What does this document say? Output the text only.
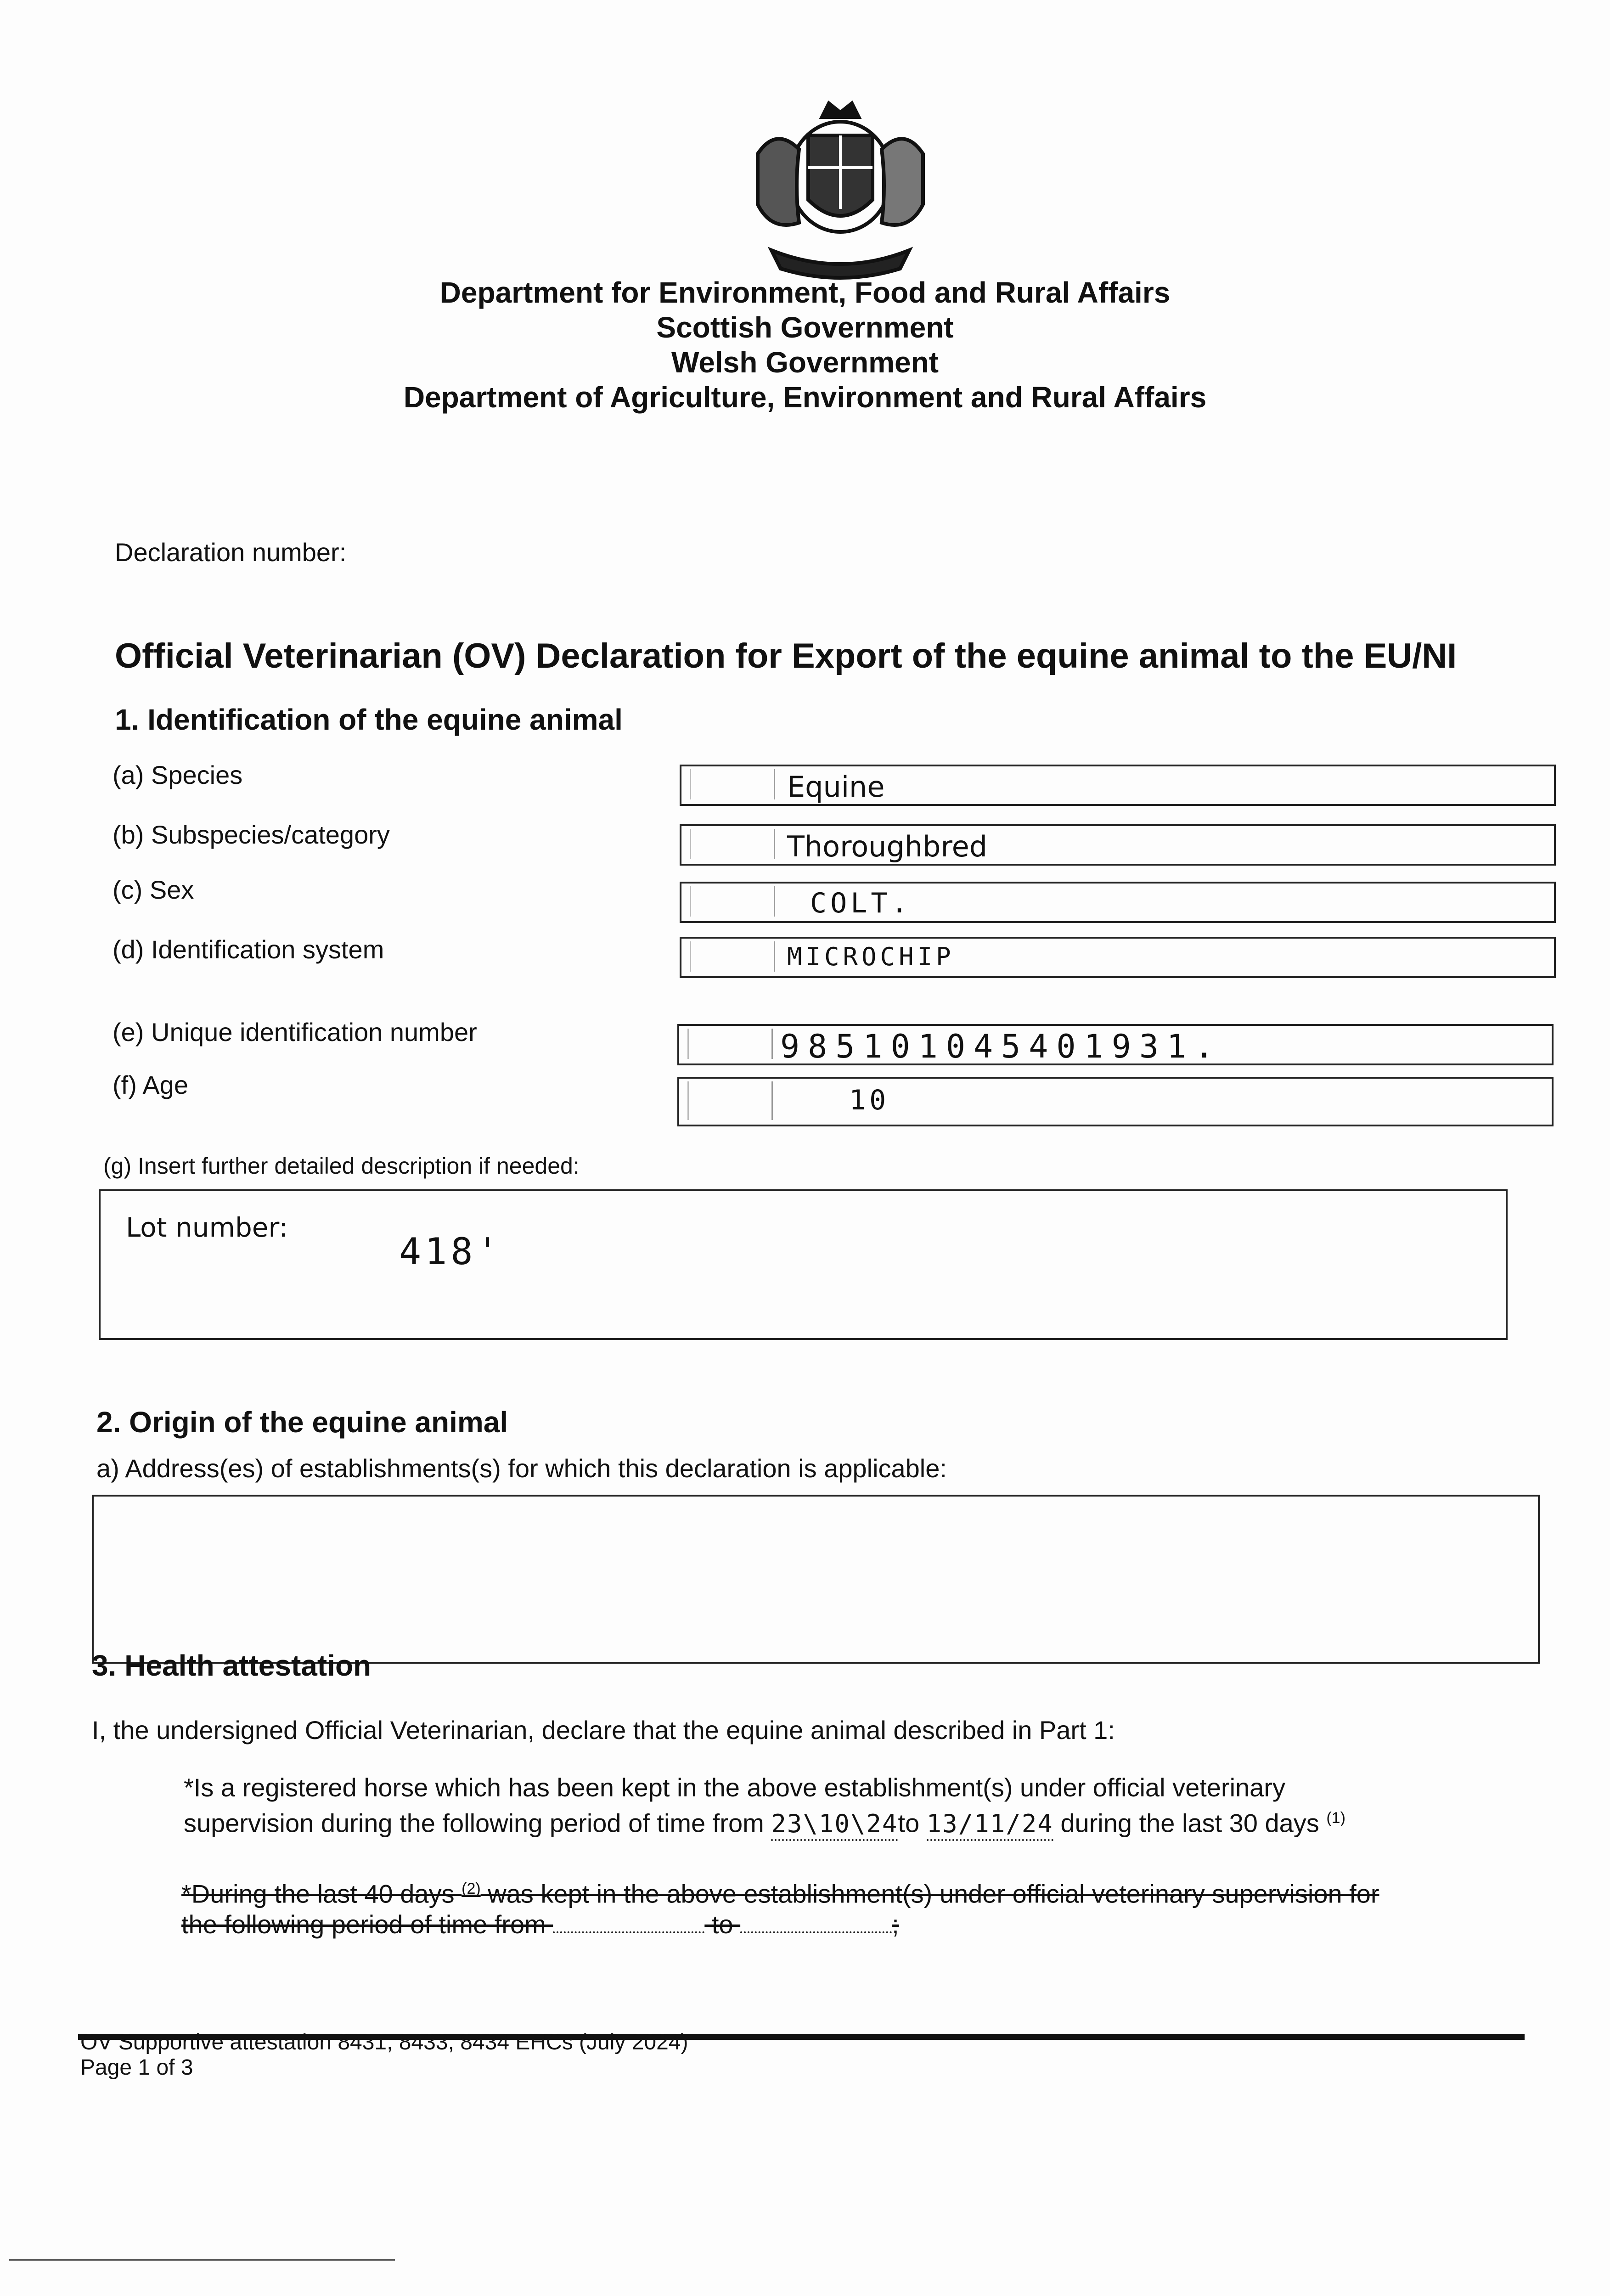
Department for Environment, Food and Rural Affairs
Scottish Government
Welsh Government
Department of Agriculture, Environment and Rural Affairs
Declaration number:
Official Veterinarian (OV) Declaration for Export of the equine animal to the EU/NI
1. Identification of the equine animal
(a) Species	Equine
(b) Subspecies/category	Thoroughbred
(c) Sex	COLT.
(d) Identification system	MICROCHIP
(e) Unique identification number	985101045401931.
(f) Age	10
(g) Insert further detailed description if needed:
Lot number:
418'
2. Origin of the equine animal
a) Address(es) of establishments(s) for which this declaration is applicable:
3. Health attestation
I, the undersigned Official Veterinarian, declare that the equine animal described in Part 1:
*Is a registered horse which has been kept in the above establishment(s) under official veterinary
supervision during the following period of time from 23\10\24to 13/11/24 during the last 30 days $^{(1)}$
*During the last 40 days $^{(2)}$ was kept in the above establishment(s) under official veterinary supervision for
the following period of time from	to	;
OV Supportive attestation 8431, 8433, 8434 EHCs (July 2024)
Page 1 of 3
